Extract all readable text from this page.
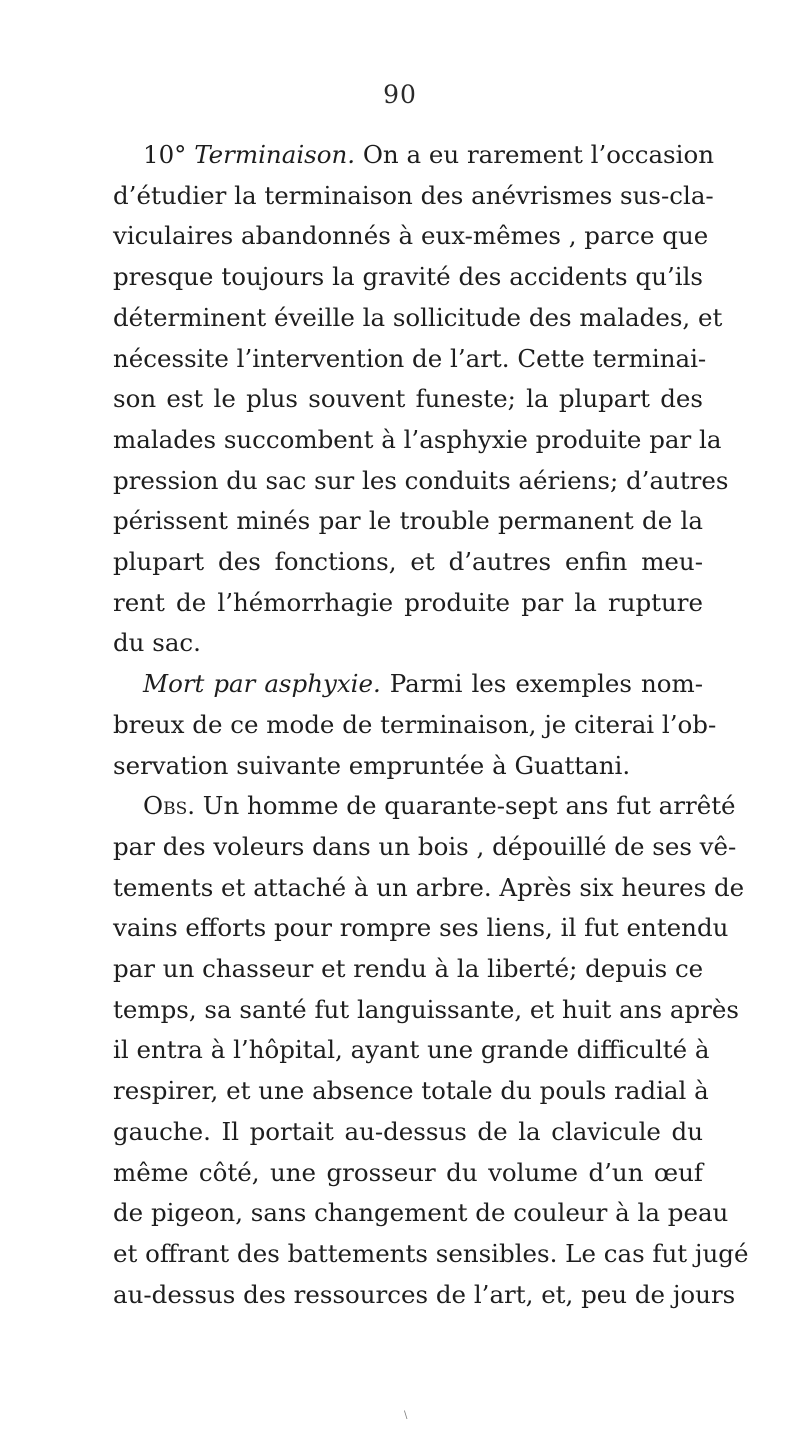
90
10° Terminaison. On a eu rarement l’occasion
d’étudier la terminaison des anévrismes sus-cla-
viculaires abandonnés à eux-mêmes , parce que
presque toujours la gravité des accidents qu’ils
déterminent éveille la sollicitude des malades, et
nécessite l’intervention de l’art. Cette terminai-
son est le plus souvent funeste; la plupart des
malades succombent à l’asphyxie produite par la
pression du sac sur les conduits aériens; d’autres
périssent minés par le trouble permanent de la
plupart des fonctions, et d’autres enfin meu-
rent de l’hémorrhagie produite par la rupture
du sac.
Mort par asphyxie. Parmi les exemples nom-
breux de ce mode de terminaison, je citerai l’ob-
servation suivante empruntée à Guattani.
Obs. Un homme de quarante-sept ans fut arrêté
par des voleurs dans un bois , dépouillé de ses vê-
tements et attaché à un arbre. Après six heures de
vains efforts pour rompre ses liens, il fut entendu
par un chasseur et rendu à la liberté; depuis ce
temps, sa santé fut languissante, et huit ans après
il entra à l’hôpital, ayant une grande difficulté à
respirer, et une absence totale du pouls radial à
gauche. Il portait au-dessus de la clavicule du
même côté, une grosseur du volume d’un œuf
de pigeon, sans changement de couleur à la peau
et offrant des battements sensibles. Le cas fut jugé
au-dessus des ressources de l’art, et, peu de jours
\
